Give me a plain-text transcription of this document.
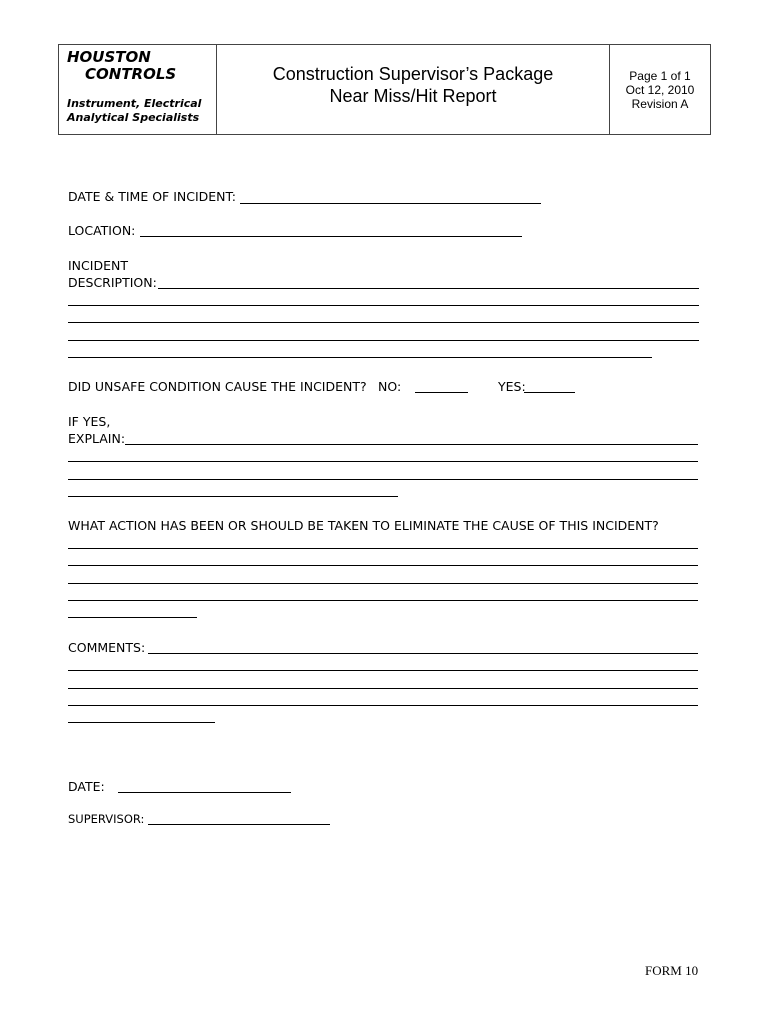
HOUSTON
CONTROLS
Instrument, Electrical
Analytical Specialists
Construction Supervisor’s Package
Near Miss/Hit Report
Page 1 of 1
Oct 12, 2010
Revision A
DATE & TIME OF INCIDENT:
LOCATION:
INCIDENT
DESCRIPTION:
DID UNSAFE CONDITION CAUSE THE INCIDENT? NO:	YES:
IF YES,
EXPLAIN:
WHAT ACTION HAS BEEN OR SHOULD BE TAKEN TO ELIMINATE THE CAUSE OF THIS INCIDENT?
COMMENTS:
DATE:
SUPERVISOR:
FORM 10
